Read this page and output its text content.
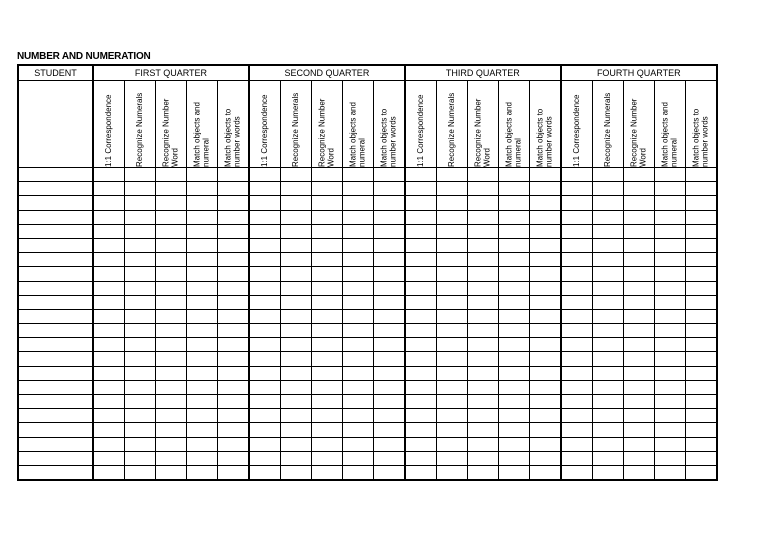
NUMBER AND NUMERATION
STUDENT	FIRST QUARTER					SECOND QUARTER					THIRD QUARTER					FOURTH QUARTER				

	1:1 Correspondence	Recognize Numerals	Recognize Number Word	Match objects and numeral	Match objects to number words	1:1 Correspondence	Recognize Numerals	Recognize Number Word	Match objects and numeral	Match objects to number words	1:1 Correspondence	Recognize Numerals	Recognize Number Word	Match objects and numeral	Match objects to number words	1:1 Correspondence	Recognize Numerals	Recognize Number Word	Match objects and numeral	Match objects to number words
